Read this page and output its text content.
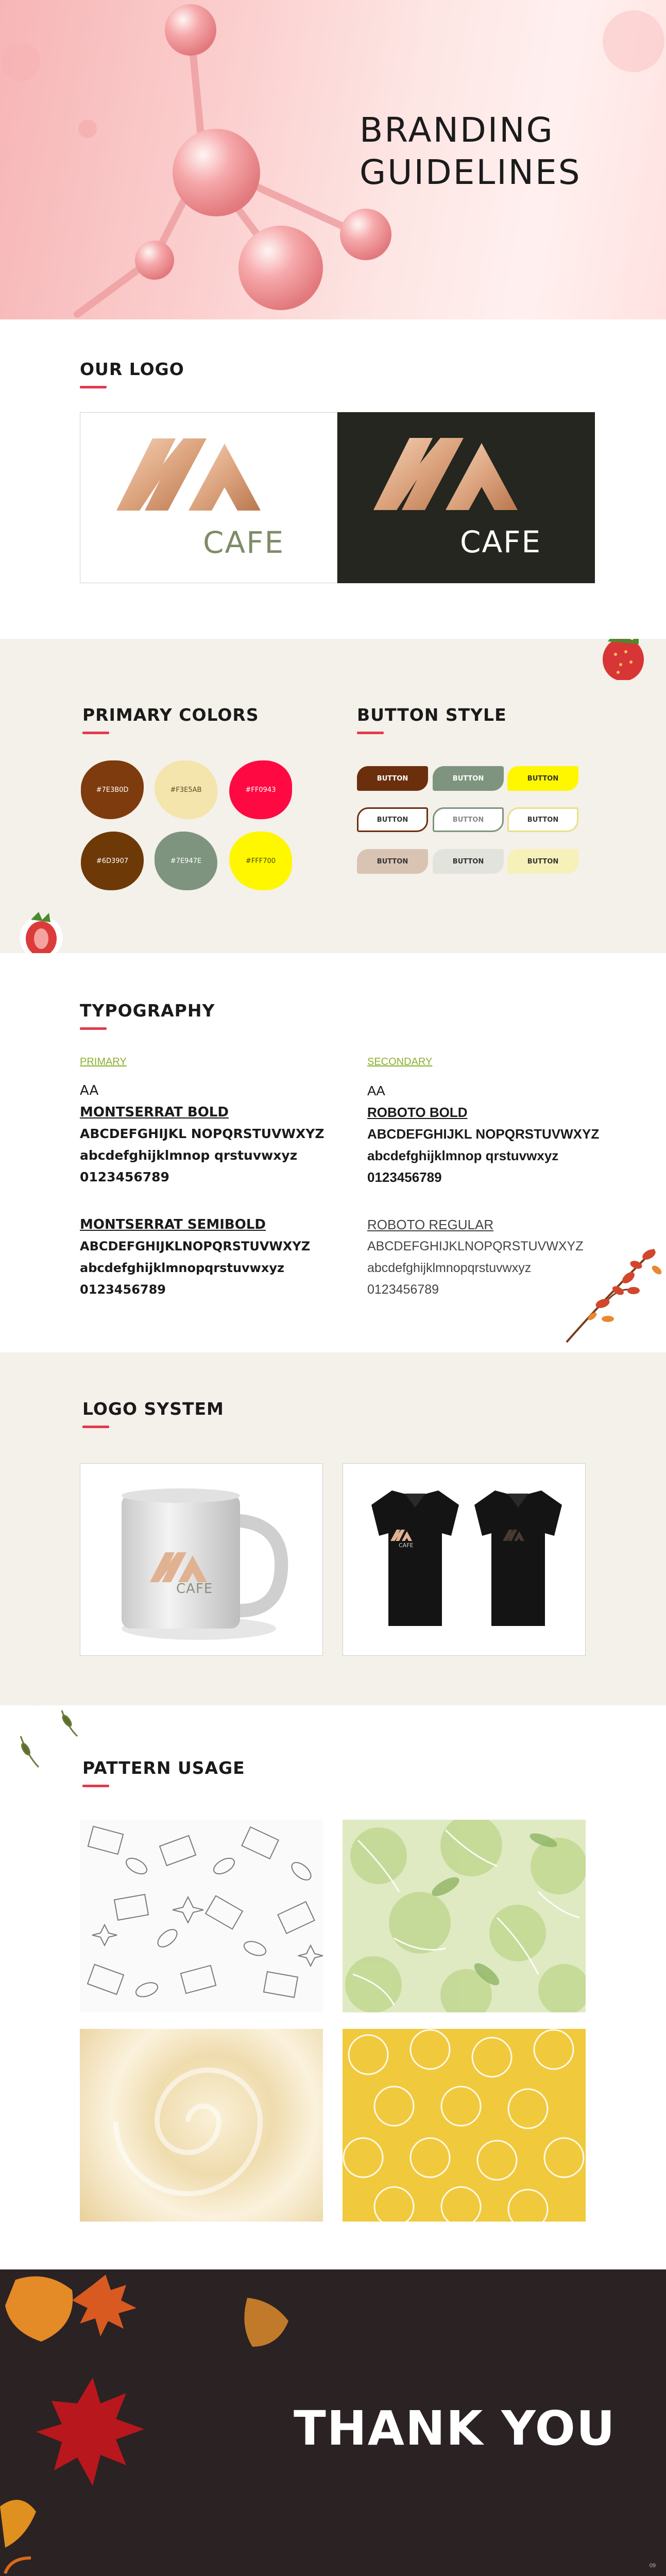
BRANDING
GUIDELINES
OUR LOGO
CAFE	CAFE
PRIMARY COLORS
#7E3B0D	#F3E5AB	#FF0943
#6D3907	#7E947E	#FFF700
BUTTON STYLE
BUTTON	BUTTON	BUTTON
BUTTON	BUTTON	BUTTON
BUTTON	BUTTON	BUTTON
TYPOGRAPHY
PRIMARY
AA
MONTSERRAT BOLD
ABCDEFGHIJKL NOPQRSTUVWXYZ
abcdefghijklmnop qrstuvwxyz
0123456789
MONTSERRAT SEMIBOLD
ABCDEFGHIJKLNOPQRSTUVWXYZ
abcdefghijklmnopqrstuvwxyz
0123456789
SECONDARY
AA
ROBOTO BOLD
ABCDEFGHIJKL NOPQRSTUVWXYZ
abcdefghijklmnop qrstuvwxyz
0123456789
ROBOTO REGULAR
ABCDEFGHIJKLNOPQRSTUVWXYZ
abcdefghijklmnopqrstuvwxyz
0123456789
LOGO SYSTEM
CAFE
CAFE
PATTERN USAGE
THANK YOU
09
